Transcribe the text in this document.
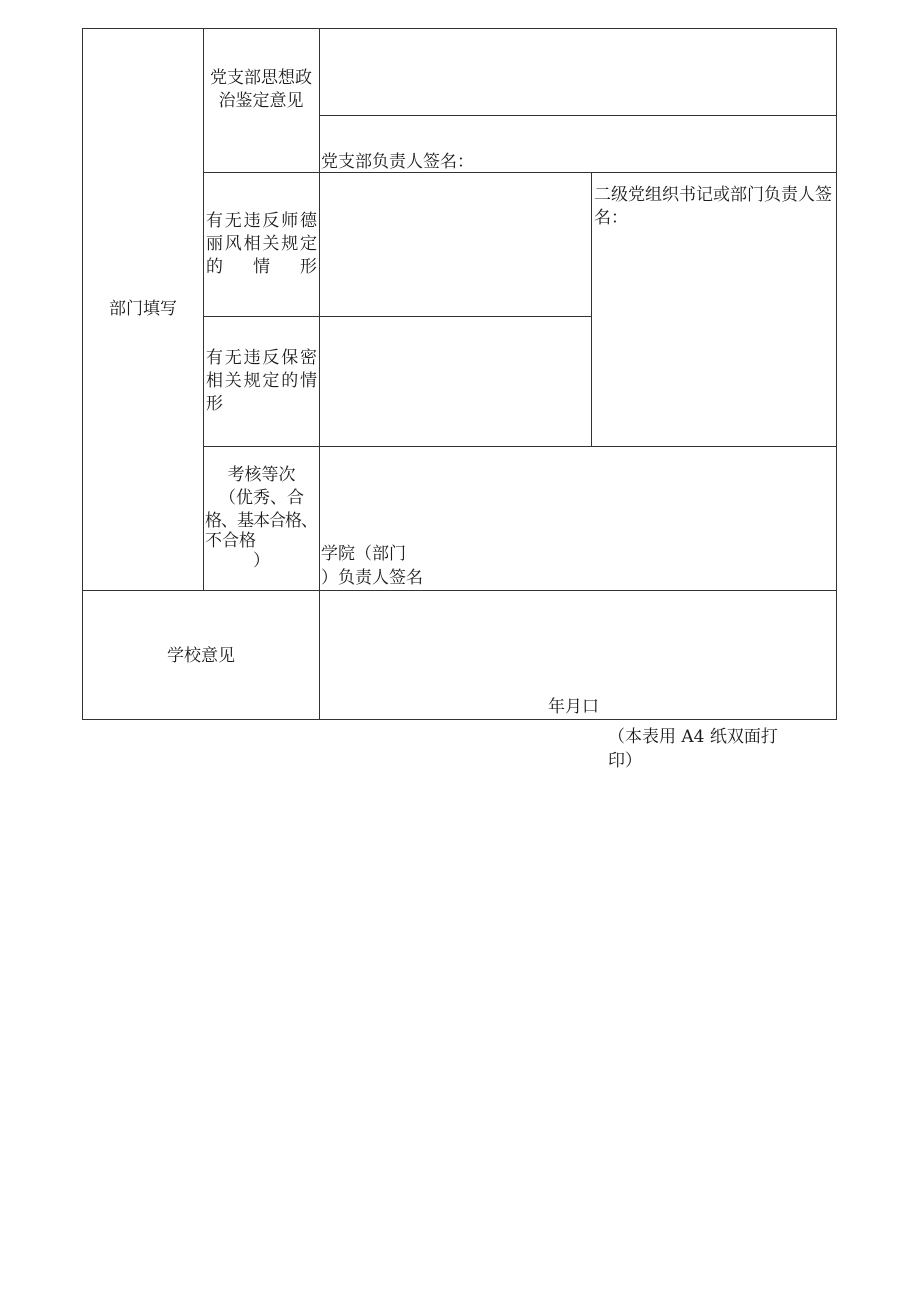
部门填写
党支部思想政治鉴定意见
党支部负责人签名：
有无违反师德丽风相关规定的情形
二级党组织书记或部门负责人签名：
有无违反保密相关规定的情形
考核等次
（优秀、合
格、基本合格、
不合格
）	学院（部门
）负责人签名
学校意见
年月口
（本表用 A4 纸双面打
印）
